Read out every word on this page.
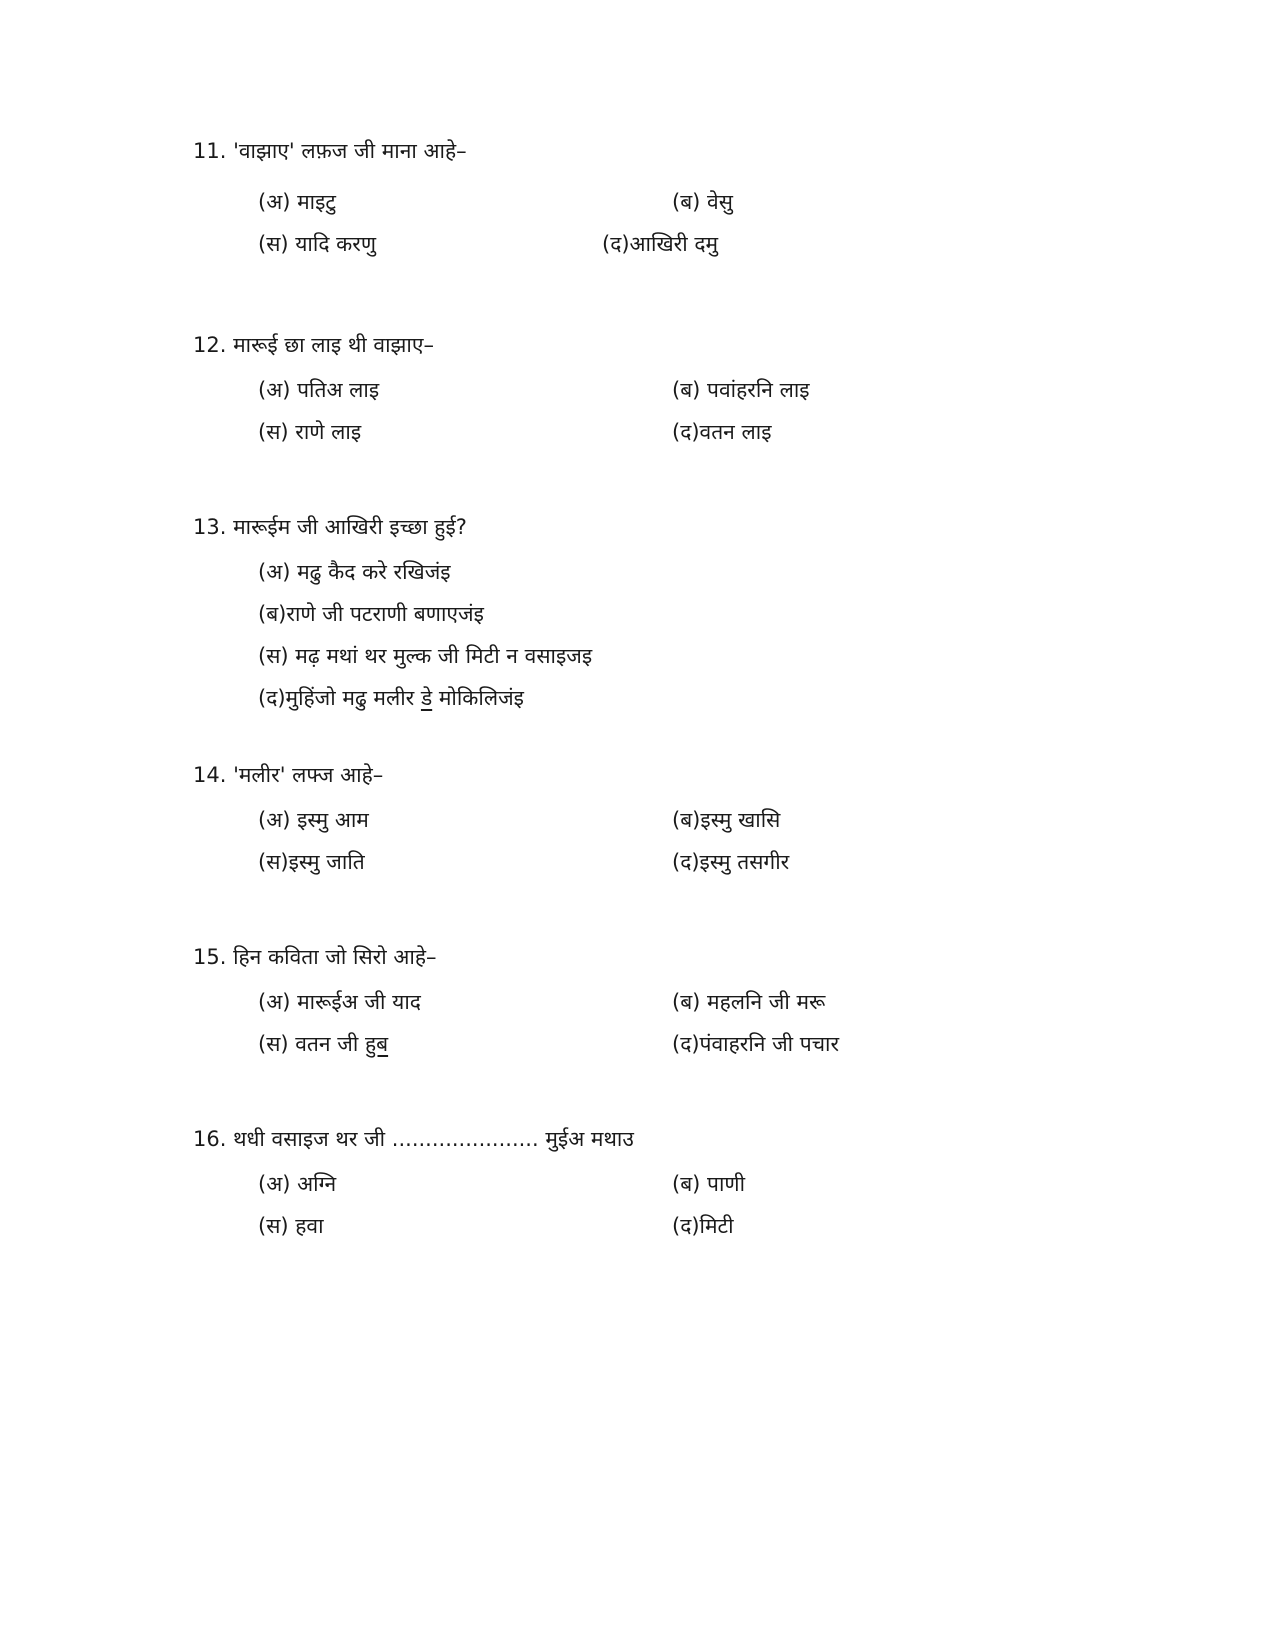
11. 'वाझाए' लफ़ज जी माना आहे–
(अ) माइटु	(ब) वेसु
(स) यादि करणु	(द)आखिरी दमु
12. मारूई छा लाइ थी वाझाए–
(अ) पतिअ लाइ	(ब) पवांहरनि लाइ
(स) राणे लाइ	(द)वतन लाइ
13. मारूईम जी आखिरी इच्छा हुई?
(अ) मढु कैद करे रखिजंइ
(ब)राणे जी पटराणी बणाएजंइ
(स) मढ़ मथां थर मुल्क जी मिटी न वसाइजइ
(द)मुहिंजो मढु मलीर डे मोकिलिजंइ
14. 'मलीर' लफ्ज आहे–
(अ) इस्मु आम	(ब)इस्मु खासि
(स)इस्मु जाति	(द)इस्मु तसगीर
15. हिन कविता जो सिरो आहे–
(अ) मारूईअ जी याद	(ब) महलनि जी मरू
(स) वतन जी हुब	(द)पंवाहरनि जी पचार
16. थधी वसाइज थर जी ...................... मुईअ मथाउ
(अ) अग्नि	(ब) पाणी
(स) हवा	(द)मिटी
